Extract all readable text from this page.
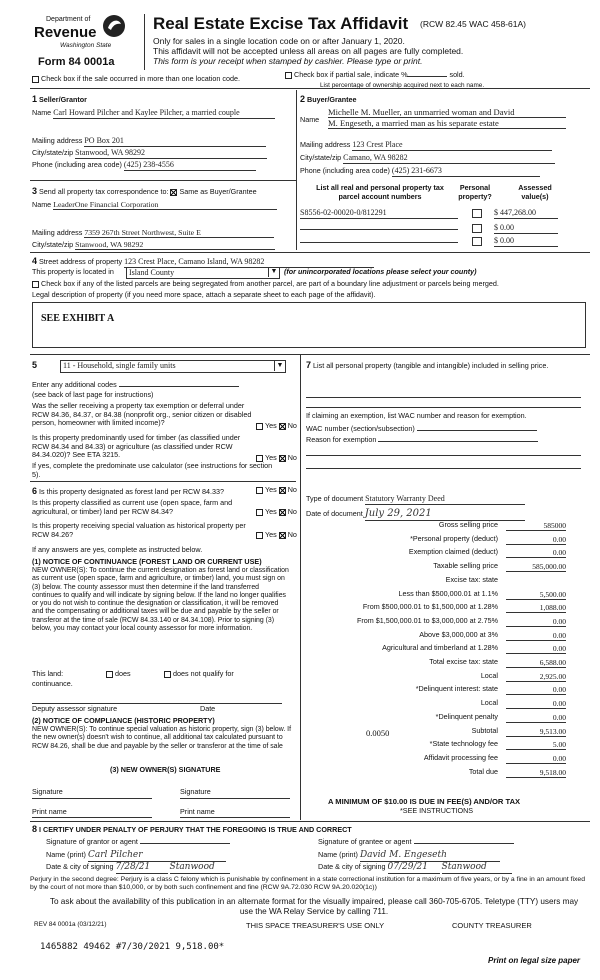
Department of
Revenue
Washington State
Form 84 0001a
Real Estate Excise Tax Affidavit (RCW 82.45 WAC 458-61A)
Only for sales in a single location code on or after January 1, 2020.
This affidavit will not be accepted unless all areas on all pages are fully completed.
This form is your receipt when stamped by cashier. Please type or print.
Check box if the sale occurred in more than one location code.	Check box if partial sale, indicate %	sold.
List percentage of ownership acquired next to each name.
1 Seller/Grantor
Name Carl Howard Pilcher and Kaylee Pilcher, a married couple
Mailing address PO Box 201
City/state/zip Stanwood, WA 98292
Phone (including area code) (425) 238-4556
2 Buyer/Grantee
Name
Michelle M. Mueller, an unmarried woman and David
M. Engeseth, a married man as his separate estate
Mailing address 123 Crest Place
City/state/zip Camano, WA 98282
Phone (including area code) (425) 231-6673
3 Send all property tax correspondence to: Same as Buyer/Grantee
Name LeaderOne Financial Corporation
Mailing address 7359 267th Street Northwest, Suite E
City/state/zip Stanwood, WA 98292
List all real and personal property tax
parcel account numbers
Personal
property?
Assessed
value(s)
S8556-02-00020-0/812291	$ 447,268.00
$ 0.00
$ 0.00
4 Street address of property 123 Crest Place, Camano Island, WA 98282
This property is located in	Island County	▼ (for unincorporated locations please select your county)
Check box if any of the listed parcels are being segregated from another parcel, are part of a boundary line adjustment or parcels being merged.
Legal description of property (if you need more space, attach a separate sheet to each page of the affidavit).
SEE EXHIBIT A
5	11 - Household, single family units	▼
Enter any additional codes
(see back of last page for instructions)
Was the seller receiving a property tax exemption or deferral under RCW 84.36, 84.37, or 84.38 (nonprofit org., senior citizen or disabled person, homeowner with limited income)?	Yes No
Is this property predominantly used for timber (as classified under RCW 84.34 and 84.33) or agriculture (as classified under RCW 84.34.020)? See ETA 3215.	Yes No
If yes, complete the predominate use calculator (see instructions for section 5).
6 Is this property designated as forest land per RCW 84.33?	Yes No
Is this property classified as current use (open space, farm and agricultural, or timber) land per RCW 84.34?	Yes No
Is this property receiving special valuation as historical property per RCW 84.26?	Yes No
If any answers are yes, complete as instructed below.
(1) NOTICE OF CONTINUANCE (FOREST LAND OR CURRENT USE)
NEW OWNER(S): To continue the current designation as forest land or classification as current use (open space, farm and agriculture, or timber) land, you must sign on (3) below. The county assessor must then determine if the land transferred continues to qualify and will indicate by signing below. If the land no longer qualifies or you do not wish to continue the designation or classification, it will be removed and the compensating or additional taxes will be due and payable by the seller or transferor at the time of sale (RCW 84.33.140 or 84.34.108). Prior to signing (3) below, you may contact your local county assessor for more information.
This land:	does	does not qualify for
continuance.
Deputy assessor signature	Date
(2) NOTICE OF COMPLIANCE (HISTORIC PROPERTY)
NEW OWNER(S): To continue special valuation as historic property, sign (3) below. If the new owner(s) doesn't wish to continue, all additional tax calculated pursuant to RCW 84.26, shall be due and payable by the seller or transferor at the time of sale
(3) NEW OWNER(S) SIGNATURE
Signature	Signature
Print name	Print name
7 List all personal property (tangible and intangible) included in selling price.
If claiming an exemption, list WAC number and reason for exemption.
WAC number (section/subsection)
Reason for exemption
Type of document Statutory Warranty Deed
Date of document July 29, 2021
Gross selling price	585000
*Personal property (deduct)	0.00
Exemption claimed (deduct)	0.00
Taxable selling price	585,000.00
Excise tax: state
Less than $500,000.01 at 1.1%	5,500.00
From $500,000.01 to $1,500,000 at 1.28%	1,088.00
From $1,500,000.01 to $3,000,000 at 2.75%	0.00
Above $3,000,000 at 3%	0.00
Agricultural and timberland at 1.28%	0.00
Total excise tax: state	6,588.00
Local	2,925.00
*Delinquent interest: state	0.00
Local	0.00
*Delinquent penalty	0.00
Subtotal	9,513.00
*State technology fee	5.00
Affidavit processing fee	0.00
Total due	9,518.00
0.0050
A MINIMUM OF $10.00 IS DUE IN FEE(S) AND/OR TAX
*SEE INSTRUCTIONS
8 I CERTIFY UNDER PENALTY OF PERJURY THAT THE FOREGOING IS TRUE AND CORRECT
Signature of grantor or agent
Name (print) Carl Pilcher
Date & city of signing 7/28/21 Stanwood
Signature of grantee or agent
Name (print) David M. Engeseth
Date & city of signing 07/29/21 Stanwood
Perjury in the second degree: Perjury is a class C felony which is punishable by confinement in a state correctional institution for a maximum of five years, or by a fine in an amount fixed by the court of not more than $10,000, or by both such confinement and fine (RCW 9A.72.030 RCW 9A.20.020(1c))
To ask about the availability of this publication in an alternate format for the visually impaired, please call 360-705-6705. Teletype (TTY) users may use the WA Relay Service by calling 711.
REV 84 0001a (03/12/21)	THIS SPACE TREASURER'S USE ONLY	COUNTY TREASURER
1465882 49462 #7/30/2021 9,518.00*
Print on legal size paper
